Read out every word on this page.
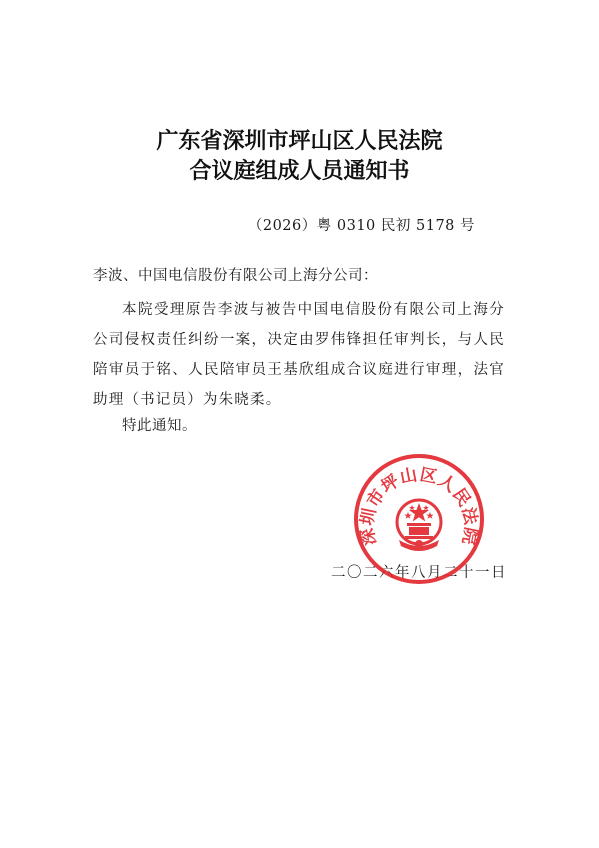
广东省深圳市坪山区人民法院
合议庭组成人员通知书
（2026）粤 0310 民初 5178 号
李波、中国电信股份有限公司上海分公司：
本院受理原告李波与被告中国电信股份有限公司上海分公司侵权责任纠纷一案，决定由罗伟锋担任审判长，与人民陪审员于铭、人民陪审员王基欣组成合议庭进行审理，法官助理（书记员）为朱晓柔。
特此通知。
二〇二六年八月二十一日
深圳市坪山区人民法院
